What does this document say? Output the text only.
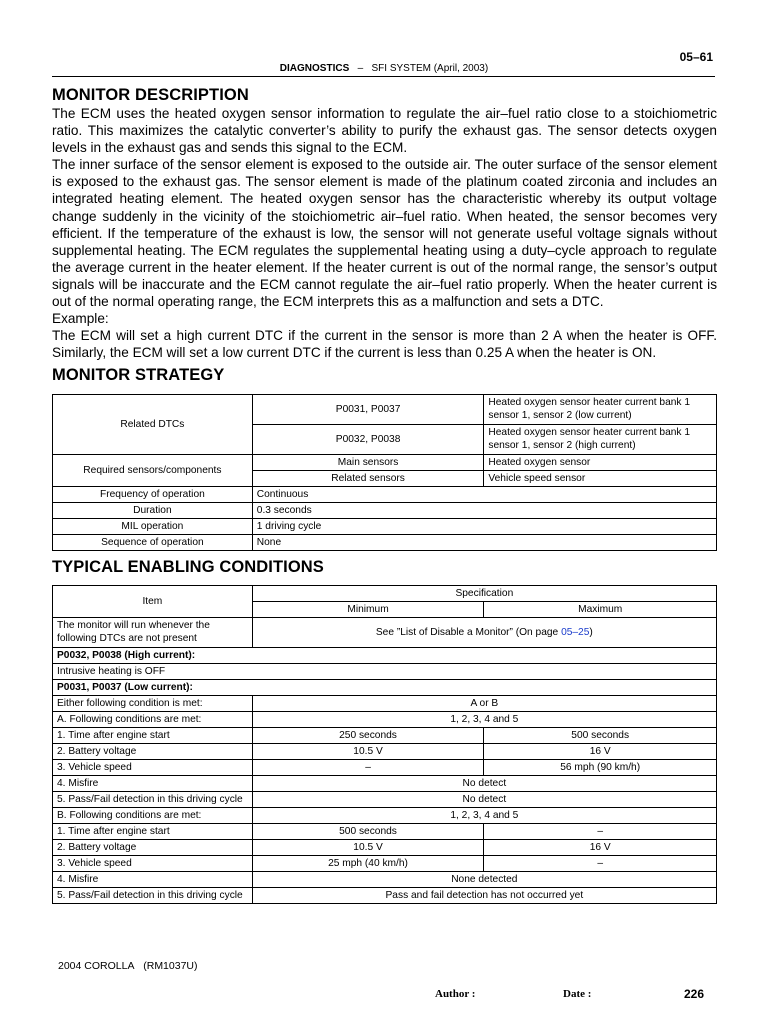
05–61
DIAGNOSTICS – SFI SYSTEM (April, 2003)
MONITOR DESCRIPTION

The ECM uses the heated oxygen sensor information to regulate the air–fuel ratio close to a stoichiometric ratio. This maximizes the catalytic converter’s ability to purify the exhaust gas. The sensor detects oxygen levels in the exhaust gas and sends this signal to the ECM.

The inner surface of the sensor element is exposed to the outside air. The outer surface of the sensor element is exposed to the exhaust gas. The sensor element is made of the platinum coated zirconia and includes an integrated heating element. The heated oxygen sensor has the characteristic whereby its output voltage change suddenly in the vicinity of the stoichiometric air–fuel ratio. When heated, the sensor becomes very efficient. If the temperature of the exhaust is low, the sensor will not generate useful voltage signals without supplemental heating. The ECM regulates the supplemental heating using a duty–cycle approach to regulate the average current in the heater element. If the heater current is out of the normal range, the sensor’s output signals will be inaccurate and the ECM cannot regulate the air–fuel ratio properly. When the heater current is out of the normal operating range, the ECM interprets this as a malfunction and sets a DTC.

Example:

The ECM will set a high current DTC if the current in the sensor is more than 2 A when the heater is OFF. Similarly, the ECM will set a low current DTC if the current is less than 0.25 A when the heater is ON.

MONITOR STRATEGY
Related DTCs	P0031, P0037	Heated oxygen sensor heater current bank 1 sensor 1, sensor 2 (low current)
	P0032, P0038	Heated oxygen sensor heater current bank 1 sensor 1, sensor 2 (high current)
Required sensors/components	Main sensors	Heated oxygen sensor
	Related sensors	Vehicle speed sensor
Frequency of operation	Continuous	
Duration	0.3 seconds	
MIL operation	1 driving cycle	
Sequence of operation	None	
TYPICAL ENABLING CONDITIONS
Item	Specification	
	Minimum	Maximum
The monitor will run whenever the following DTCs are not present	See ”List of Disable a Monitor” (On page 05–25)	
P0032, P0038 (High current):		
Intrusive heating is OFF		
P0031, P0037 (Low current):		
Either following condition is met:	A or B	
A. Following conditions are met:	1, 2, 3, 4 and 5	
1. Time after engine start	250 seconds	500 seconds
2. Battery voltage	10.5 V	16 V
3. Vehicle speed	–	56 mph (90 km/h)
4. Misfire	No detect	
5. Pass/Fail detection in this driving cycle	No detect	
B. Following conditions are met:	1, 2, 3, 4 and 5	
1. Time after engine start	500 seconds	–
2. Battery voltage	10.5 V	16 V
3. Vehicle speed	25 mph (40 km/h)	–
4. Misfire	None detected	
5. Pass/Fail detection in this driving cycle	Pass and fail detection has not occurred yet	
2004 COROLLA (RM1037U)
Author :	Date :	226
